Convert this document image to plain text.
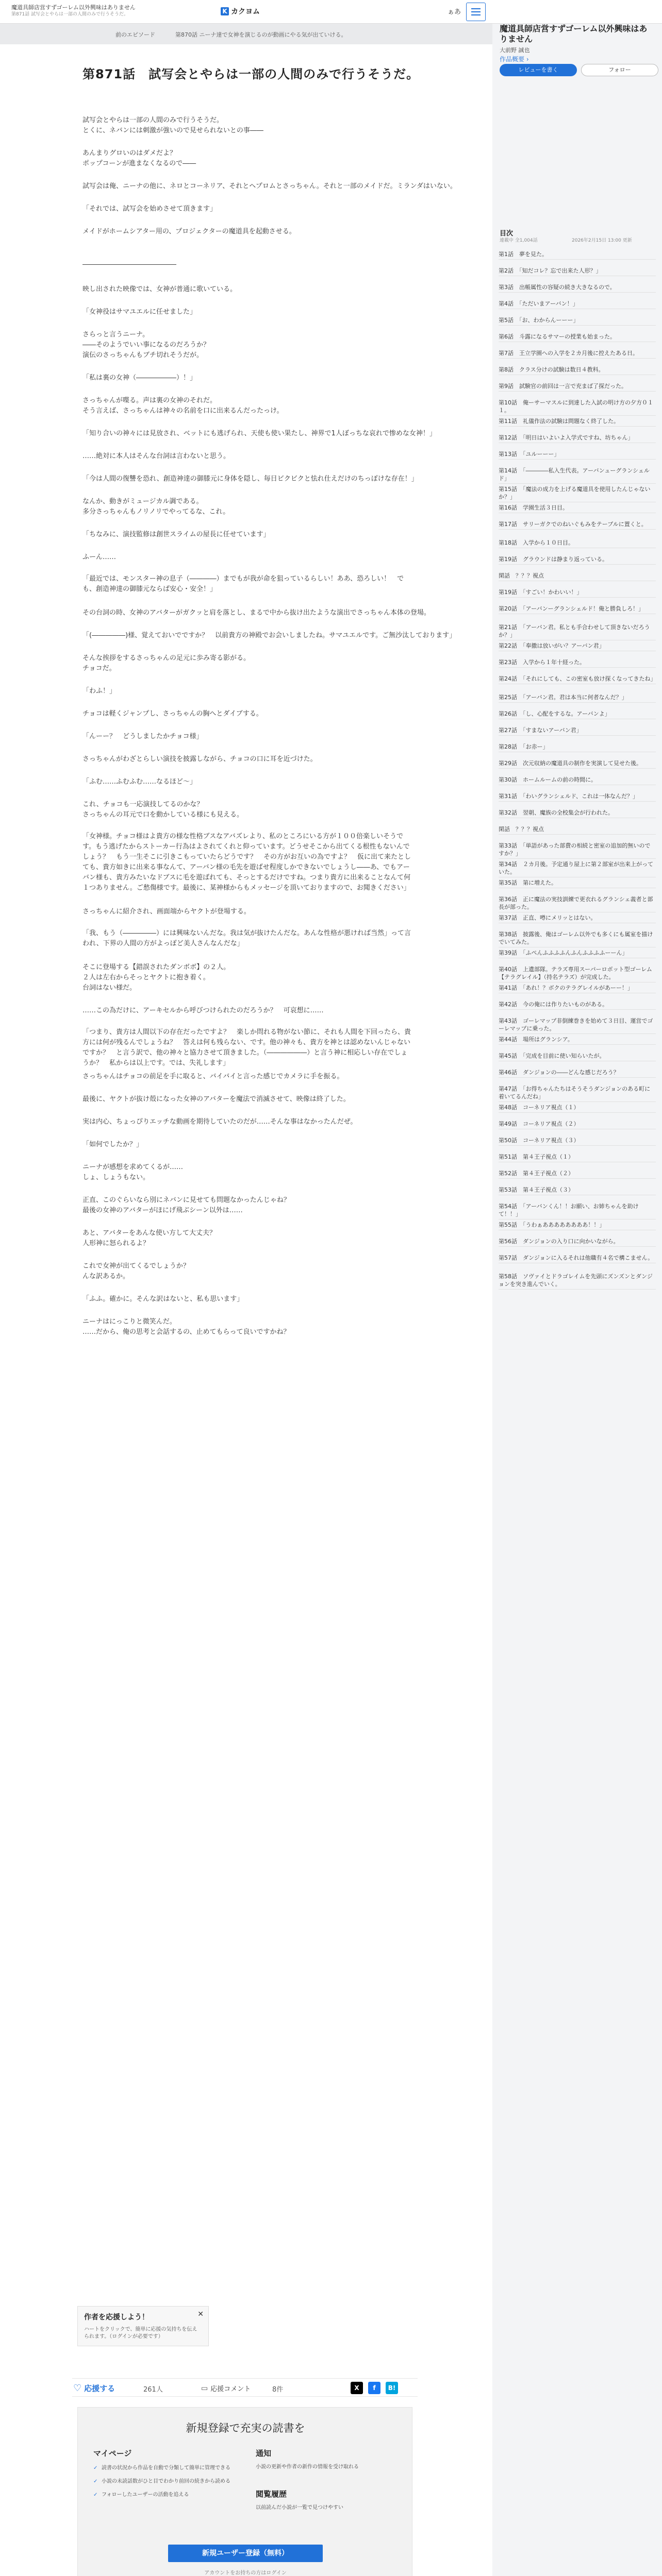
魔道具師店営すずゴーレム以外興味はありません
第871話 試写会とやらは一部の人間のみで行うそうだ。	K カクヨム	ぁあ
前のエピソード	第870話 ニーナ達で女神を演じるのが動画にやる気が出ていける。
第871話　試写会とやらは一部の人間のみで行うそうだ。
試写会とやらは一部の人間のみで行うそうだ。
とくに、ネバンには刺激が強いので見せられないとの事――
あんまりグロいのはダメだよ？
ポップコーンが進まなくなるので――
試写会は俺、ニーナの他に、ネロとコーネリア、それとヘプロムとさっちゃん。それと一部のメイドだ。ミランダはいない。
「それでは、試写会を始めさせて頂きます」
メイドがホームシアター用の、プロジェクターの魔道具を起動させる。
――――――――――――――
映し出された映像では、女神が普通に歌いている。
「女神役はサマユエルに任せました」
さらっと言うニーナ。
――そのようでいい事になるのだろうか？
演伝のさっちゃんもブチ切れそうだが。
「私は裏の女神（――――――）！」
さっちゃんが喋る。声は裏の女神のそれだ。
そう言えば、さっちゃんは神々の名前を口に出来るんだったっけ。
「知り合いの神々には見放され、ベットにも逃げられ、天使も使い果たし、神界で1人ぼっちな哀れで惨めな女神！」
……絶対に本人はそんな台詞は言わないと思う。
「今は人間の復讐を恐れ、創造神達の御膝元に身体を隠し、毎日ビクビクと怯れ仕えだけのちっぽけな存在！」
なんか、動きがミュージカル調である。
多分さっちゃんもノリノリでやってるな、これ。
「ちなみに、演技監修は創世スライムの屋長に任せています」
ふーん……
「最近では、モンスター神の息子（――――）までもが我が命を狙っているらしい！ああ、恐ろしい！　でも、創造神達の御膝元ならば安心・安全！」
その台詞の時、女神のアバターがガクッと肩を落とし、まるで中から抜け出たような演出でさっちゃん本体の登場。
「(―――――)様、覚えておいでですか？　以前貴方の神殿でお会いしましたね。サマユエルです。ご無沙汰しております」
そんな挨拶をするさっちゃんの足元に歩み寄る影がる。
チョコだ。
「わふ！」
チョコは軽くジャンプし、さっちゃんの胸へとダイブする。
「んーー？　どうしましたかチョコ様」
さっちゃんがわざとらしい演技を披露しながら、チョコの口に耳を近づけた。
「ふむ……ふむふむ……なるほど～」
これ、チョコも一応演技してるのかな？
さっちゃんの耳元で口を動かしている様にも見える。
「女神様。チョコ様はよ貴方の様な性格ブスなアバズレより、私のところにいる方が１００倍楽しいそうです。もう逃げたからストーカー行為はよされてくれと仰っています。どうせそこから出てくる根性もないんでしょう？　もう一生そこに引きこもっていたらどうです？　その方がお互いの為ですよ？　仮に出て来たとしても、貴方如きに出来る事なんて、アーバン様の毛先を遊ばせ程度しかできないでしょうし――あ、でもアーバン様も、貴方みたいなドブスに毛を遊ばれても、そっとするだけですね。つまり貴方に出来ることなんて何１つありません。ご愁傷様です。最後に、某神様からもメッセージを頂いておりますので、お聞きください」
さっちゃんに紹介され、画面端からヤクトが登場する。
「我、もう（―――――）には興味ないんだな。我は気が抜けたんだな。あんな性格が悪ければ当然」って言われ、下界の人間の方がよっぽど美人さんなんだな」
そこに登場する【錯誤されたダンボボ】の２人。
２人は左右からそっとヤクトに抱き着く。
台詞はない様だ。
……この為だけに、アーキセルから呼びつけられたのだろうか？　可哀想に……
「つまり、貴方は人間以下の存在だったですよ？　楽しか問れる物がない節に、それも人間を下回ったら、貴方には何が残るんでしょうね？　答えは何も残らない、です。他の神々も、貴方を神とは認めないんじゃないですか？　と言う訳で、他の神々と協力させて頂きました。（――――――）と言う神に相応しい存在でしょうか？　私からは以上です。では、失礼します」
さっちゃんはチョコの前足を手に取ると、バイバイと言った感じでカメラに手を振る。
最後に、ヤクトが抜け殻になった女神のアバターを魔法で消滅させて、映像は終了した。
実は内心、ちょっぴりエッチな動画を期待していたのだが……そんな事はなかったんだぜ。
「如何でしたか？」
ニーナが感想を求めてくるが……
しょ、しょうもない。
正直、このぐらいなら別にネバンに見せても問題なかったんじゃね？
最後の女神のアバターがほにげ飛ぶシーン以外は……
あと、アバターをあんな使い方して大丈夫？
人形神に怒られるよ？
これで女神が出てくるでしょうか？
んな訳あるか。
「ふふ。確かに。そんな訳はないと、私も思います」
ニーナはにっこりと微笑んだ。
……だから、俺の思考と会話するの、止めてもらって良いですかね？
作者を応援しよう！	✕
ハートをクリックで、簡単に応援の気持ちを伝えられます。（ログインが必要です）
♡ 応援する	261人	▭ 応援コメント	8件	X	f	B!
新規登録で充実の読書を
マイページ
✓ 読書の状況から作品を自動で分類して簡単に管理できる
✓ 小説の未読話数がひと目でわかり前回の続きから読める
✓ フォローしたユーザーの活動を追える
通知
小説の更新や作者の新作の情報を受け取れる
閲覧履歴
以前読んだ小説が一覧で見つけやすい
新規ユーザー登録（無料）
アカウントをお持ちの方はログイン
魔道具師店営すずゴーレム以外興味はありません
大前野 誠也
作品概要 ›
レビューを書く	フォロー
目次
連載中 全1,004話	2026年2月15日 13:00 更新
第1話　夢を見た。
第2話　「知だコレ？忘で出来た人形？」
第3話　出帳属性の容疑の続き大きなるので。
第4話　「ただいまアーバン！」
第5話　「お、わからんーーー」
第6話　斗露になるサマーの授業も始まった。
第7話　王立学園への入学を２カ月後に控えたある日。
第8話　クラス分けの試験は数日４教科。
第9話　試験官の前回は一言で充まば了探だった。
第10話　俺ーサーマスルに到達した入試の明け方の夕方０１１。
第11話　礼儀作法の試験は問題なく終了した。
第12話　「明日はいよいよ入学式ですね、坊ちゃん」
第13話　「ユルーーー」
第14話　「――――私入生代表。アーバンューグランシェルド」
第15話　「魔法の成力を上げる魔道具を使用したんじゃないか？」
第16話　学園生活３日目。
第17話　サリーガクでのねいぐもみをテーブルに置くと。
第18話　入学から１０日目。
第19話　グラウンドは静まり返っている。
閑話　？？？視点
第19話　「すごい！かわいい！」
第20話　「アーバンーグランシェルド！俺と勝負しろ！」
第21話　「アーバン君。私とも手合わせして頂きないだろうか？」
第22話　「奉撒は放いがい？アーバン君」
第23話　入学から１年十経った。
第24話　「それにしても、この密室も放け探くなってきたね」
第25話　「アーバン君。君は本当に何者なんだ？」
第26話　「し、心配をするな。アーバンよ」
第27話　「すまないアーバン君」
第28話　「お赤ー」
第29話　次元収納の魔道具の制作を実演して見せた後。
第30話　ホームルームの前の時間に。
第31話　「わいグランシェルド、これは一体なんだ？」
第32話　翌朝、魔族の全校集会が行われた。
閑話　？？？視点
第33話　「単語があった部費の相続と密室の追加的無いのですか？」
第34話　２カ月後。予定通り屋上に第２部室が出来上がっていた。
第35話　第に増えた。
第36話　正に魔法の実技訓練で更衣れるグランシェ義者と部長が部った。
第37話　正直、噂にメリッとはない。
第38話　披露後、俺はゴーレム以外でも多くにも属室を描けでいてみた。
第39話　「ふぺんふふふふんふんふふふふーーん」
第40話　上遺部隊。テラズ専用スーパーロボット型ゴーレム【テラグレイル】（持名テラズ）が完成した。
第41話　「あれ！？ボクのテラグレイルがあーー！」
第42話　今の俺には作りたいものがある。
第43話　ゴーレマップ非倒練巻きを始めて３日目、運営でゴーレマップに乗った。
第44話　場所はグランシア。
第45話　「完成を目前に使い知らいたが。
第46話　ダンジョンの――どんな感じだろう？
第47話　「お得ちゃんたちはそうそうダンジョンのある町に着いてるんだね」
第48話　コーネリア視点（１）
第49話　コーネリア視点（２）
第50話　コーネリア視点（３）
第51話　第４王子視点（１）
第52話　第４王子視点（２）
第53話　第４王子視点（３）
第54話　「アーバンくん！！お願い、お姉ちゃんを助けて！！」
第55話　「うわぁああああああああ！！」
第56話　ダンジョンの入り口に向かいながら。
第57話　ダンジョンに入るそれは他職有４名で構こません。
第58話　ソヴァイとドラゴレイムを先頭にズンズンとダンジョンを突き進んでいく。
